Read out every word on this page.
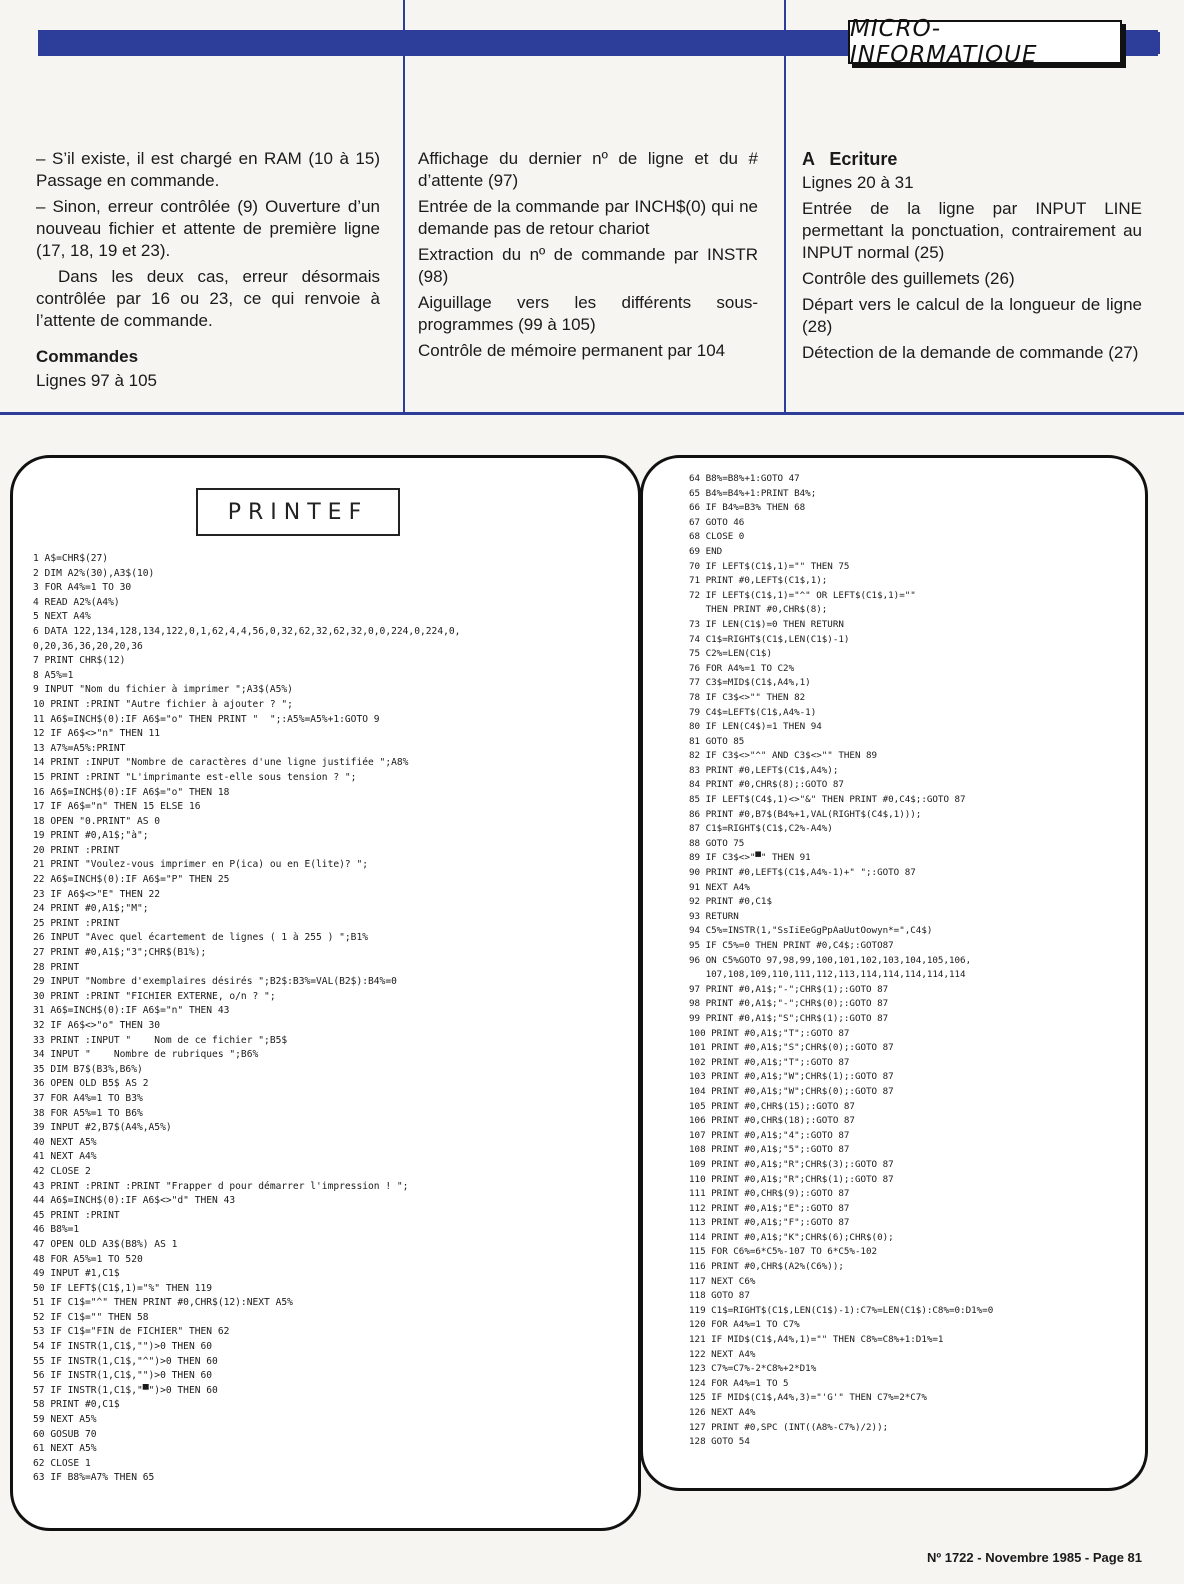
MICRO-INFORMATIQUE

– S’il existe, il est chargé en RAM (10 à 15) Passage en commande.

– Sinon, erreur contrôlée (9) Ouverture d’un nouveau fichier et attente de première ligne (17, 18, 19 et 23).

Dans les deux cas, erreur désormais contrôlée par 16 ou 23, ce qui renvoie à l’attente de commande.

Commandes

Lignes 97 à 105

Affichage du dernier nº de ligne et du # d’attente (97)

Entrée de la commande par INCH$(0) qui ne demande pas de retour chariot

Extraction du nº de commande par INSTR (98)

Aiguillage vers les différents sous-programmes (99 à 105)

Contrôle de mémoire permanent par 104

A   Ecriture

Lignes 20 à 31

Entrée de la ligne par INPUT LINE permettant la ponctuation, contrairement au INPUT normal (25)

Contrôle des guillemets (26)

Départ vers le calcul de la longueur de ligne (28)

Détection de la demande de commande (27)

1 A$=CHR$(27)
2 DIM A2%(30),A3$(10)
3 FOR A4%=1 TO 30
4 READ A2%(A4%)
5 NEXT A4%
6 DATA 122,134,128,134,122,0,1,62,4,4,56,0,32,62,32,62,32,0,0,224,0,224,0,
0,20,36,36,20,20,36
7 PRINT CHR$(12)
8 A5%=1
9 INPUT "Nom du fichier à imprimer ";A3$(A5%)
10 PRINT :PRINT "Autre fichier à ajouter ? ";
11 A6$=INCH$(0):IF A6$="o" THEN PRINT "  ";:A5%=A5%+1:GOTO 9
12 IF A6$<>"n" THEN 11
13 A7%=A5%:PRINT
14 PRINT :INPUT "Nombre de caractères d'une ligne justifiée ";A8%
15 PRINT :PRINT "L'imprimante est-elle sous tension ? ";
16 A6$=INCH$(0):IF A6$="o" THEN 18
17 IF A6$="n" THEN 15 ELSE 16
18 OPEN "0.PRINT" AS 0
19 PRINT #0,A1$;"à";
20 PRINT :PRINT
21 PRINT "Voulez-vous imprimer en P(ica) ou en E(lite)? ";
22 A6$=INCH$(0):IF A6$="P" THEN 25
23 IF A6$<>"E" THEN 22
24 PRINT #0,A1$;"M";
25 PRINT :PRINT
26 INPUT "Avec quel écartement de lignes ( 1 à 255 ) ";B1%
27 PRINT #0,A1$;"3";CHR$(B1%);
28 PRINT
29 INPUT "Nombre d'exemplaires désirés ";B2$:B3%=VAL(B2$):B4%=0
30 PRINT :PRINT "FICHIER EXTERNE, o/n ? ";
31 A6$=INCH$(0):IF A6$="n" THEN 43
32 IF A6$<>"o" THEN 30
33 PRINT :INPUT "    Nom de ce fichier ";B5$
34 INPUT "    Nombre de rubriques ";B6%
35 DIM B7$(B3%,B6%)
36 OPEN OLD B5$ AS 2
37 FOR A4%=1 TO B3%
38 FOR A5%=1 TO B6%
39 INPUT #2,B7$(A4%,A5%)
40 NEXT A5%
41 NEXT A4%
42 CLOSE 2
43 PRINT :PRINT :PRINT "Frapper d pour démarrer l'impression ! ";
44 A6$=INCH$(0):IF A6$<>"d" THEN 43
45 PRINT :PRINT
46 B8%=1
47 OPEN OLD A3$(B8%) AS 1
48 FOR A5%=1 TO 520
49 INPUT #1,C1$
50 IF LEFT$(C1$,1)="%" THEN 119
51 IF C1$="^" THEN PRINT #0,CHR$(12):NEXT A5%
52 IF C1$="" THEN 58
53 IF C1$="FIN de FICHIER" THEN 62
54 IF INSTR(1,C1$,"")>0 THEN 60
55 IF INSTR(1,C1$,"^")>0 THEN 60
56 IF INSTR(1,C1$,"")>0 THEN 60
57 IF INSTR(1,C1$,"▀")>0 THEN 60
58 PRINT #0,C1$
59 NEXT A5%
60 GOSUB 70
61 NEXT A5%
62 CLOSE 1
63 IF B8%=A7% THEN 65
PRINTEF
64 B8%=B8%+1:GOTO 47
65 B4%=B4%+1:PRINT B4%;
66 IF B4%=B3% THEN 68
67 GOTO 46
68 CLOSE 0
69 END
70 IF LEFT$(C1$,1)="" THEN 75
71 PRINT #0,LEFT$(C1$,1);
72 IF LEFT$(C1$,1)="^" OR LEFT$(C1$,1)=""
THEN PRINT #0,CHR$(8);
73 IF LEN(C1$)=0 THEN RETURN
74 C1$=RIGHT$(C1$,LEN(C1$)-1)
75 C2%=LEN(C1$)
76 FOR A4%=1 TO C2%
77 C3$=MID$(C1$,A4%,1)
78 IF C3$<>"" THEN 82
79 C4$=LEFT$(C1$,A4%-1)
80 IF LEN(C4$)=1 THEN 94
81 GOTO 85
82 IF C3$<>"^" AND C3$<>"" THEN 89
83 PRINT #0,LEFT$(C1$,A4%);
84 PRINT #0,CHR$(8);:GOTO 87
85 IF LEFT$(C4$,1)<>"&" THEN PRINT #0,C4$;:GOTO 87
86 PRINT #0,B7$(B4%+1,VAL(RIGHT$(C4$,1)));
87 C1$=RIGHT$(C1$,C2%-A4%)
88 GOTO 75
89 IF C3$<>"▀" THEN 91
90 PRINT #0,LEFT$(C1$,A4%-1)+" ";:GOTO 87
91 NEXT A4%
92 PRINT #0,C1$
93 RETURN
94 C5%=INSTR(1,"SsIiEeGgPpAaUutOowyn*=",C4$)
95 IF C5%=0 THEN PRINT #0,C4$;:GOTO87
96 ON C5%GOTO 97,98,99,100,101,102,103,104,105,106,
107,108,109,110,111,112,113,114,114,114,114,114
97 PRINT #0,A1$;"-";CHR$(1);:GOTO 87
98 PRINT #0,A1$;"-";CHR$(0);:GOTO 87
99 PRINT #0,A1$;"S";CHR$(1);:GOTO 87
100 PRINT #0,A1$;"T";:GOTO 87
101 PRINT #0,A1$;"S";CHR$(0);:GOTO 87
102 PRINT #0,A1$;"T";:GOTO 87
103 PRINT #0,A1$;"W";CHR$(1);:GOTO 87
104 PRINT #0,A1$;"W";CHR$(0);:GOTO 87
105 PRINT #0,CHR$(15);:GOTO 87
106 PRINT #0,CHR$(18);:GOTO 87
107 PRINT #0,A1$;"4";:GOTO 87
108 PRINT #0,A1$;"5";:GOTO 87
109 PRINT #0,A1$;"R";CHR$(3);:GOTO 87
110 PRINT #0,A1$;"R";CHR$(1);:GOTO 87
111 PRINT #0,CHR$(9);:GOTO 87
112 PRINT #0,A1$;"E";:GOTO 87
113 PRINT #0,A1$;"F";:GOTO 87
114 PRINT #0,A1$;"K";CHR$(6);CHR$(0);
115 FOR C6%=6*C5%-107 TO 6*C5%-102
116 PRINT #0,CHR$(A2%(C6%));
117 NEXT C6%
118 GOTO 87
119 C1$=RIGHT$(C1$,LEN(C1$)-1):C7%=LEN(C1$):C8%=0:D1%=0
120 FOR A4%=1 TO C7%
121 IF MID$(C1$,A4%,1)="" THEN C8%=C8%+1:D1%=1
122 NEXT A4%
123 C7%=C7%-2*C8%+2*D1%
124 FOR A4%=1 TO 5
125 IF MID$(C1$,A4%,3)="'G'" THEN C7%=2*C7%
126 NEXT A4%
127 PRINT #0,SPC (INT((A8%-C7%)/2));
128 GOTO 54
Nº 1722 - Novembre 1985 - Page 81
